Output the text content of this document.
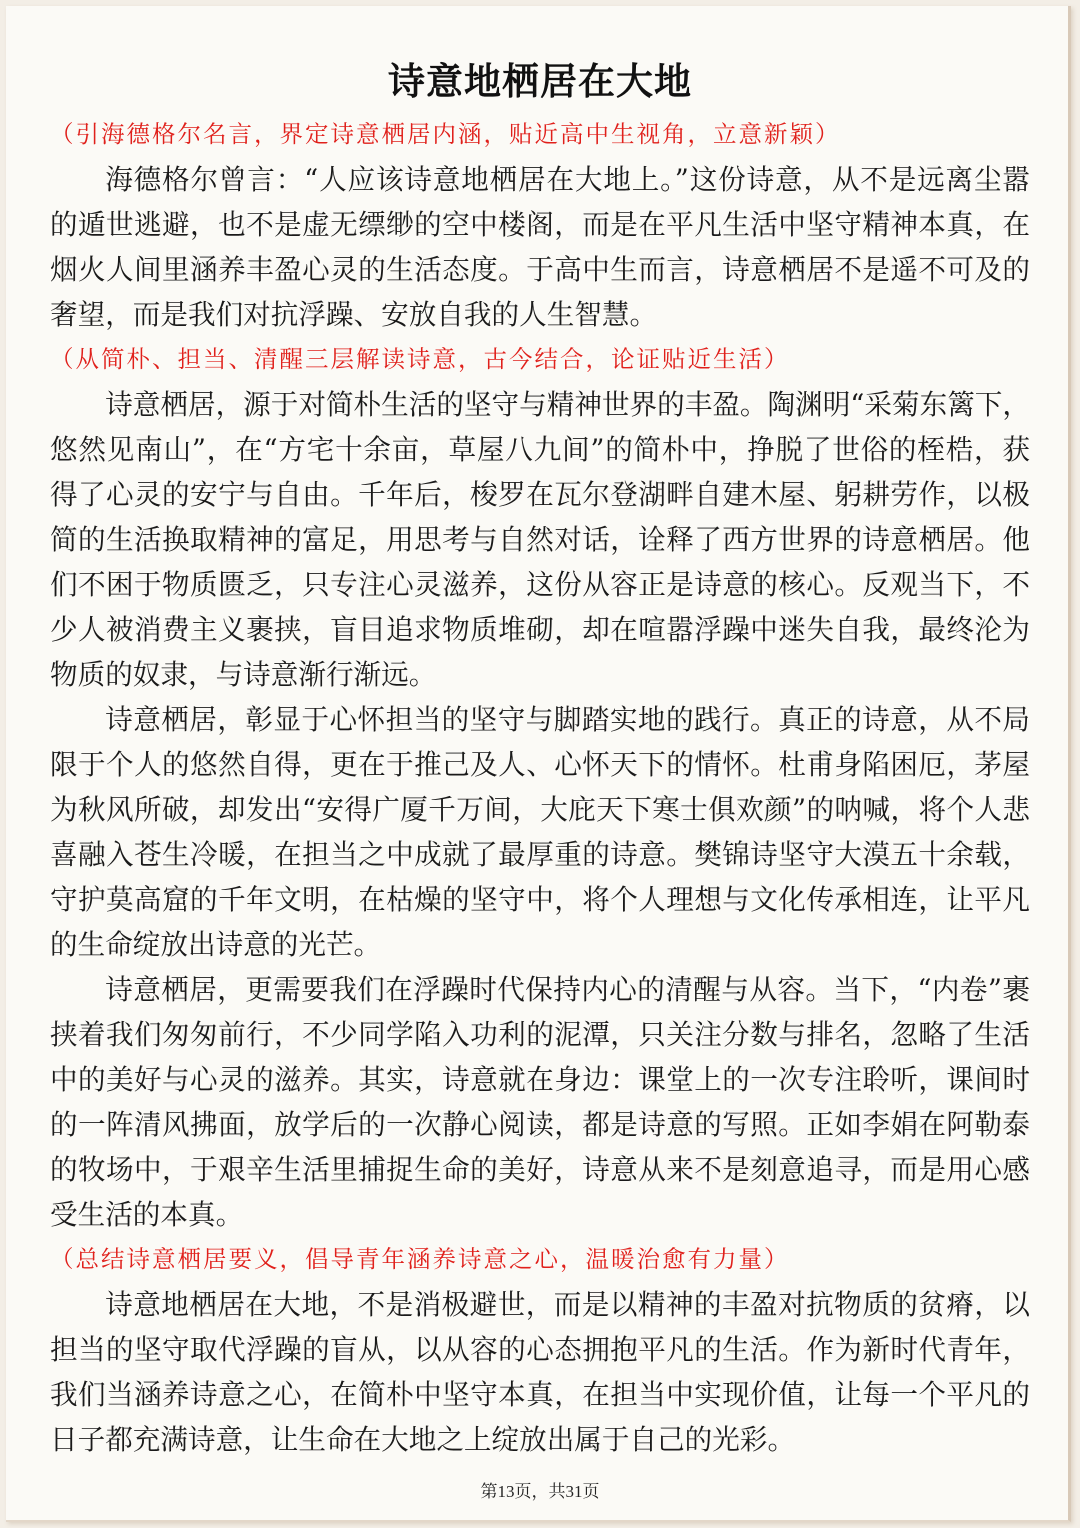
诗意地栖居在大地

（引海德格尔名言，界定诗意栖居内涵，贴近高中生视角，立意新颖）

海德格尔曾言：“人应该诗意地栖居在大地上。”这份诗意，从不是远离尘嚣的遁世逃避，也不是虚无缥缈的空中楼阁，而是在平凡生活中坚守精神本真，在烟火人间里涵养丰盈心灵的生活态度。于高中生而言，诗意栖居不是遥不可及的奢望，而是我们对抗浮躁、安放自我的人生智慧。

（从简朴、担当、清醒三层解读诗意，古今结合，论证贴近生活）

诗意栖居，源于对简朴生活的坚守与精神世界的丰盈。陶渊明“采菊东篱下，悠然见南山”，在“方宅十余亩，草屋八九间”的简朴中，挣脱了世俗的桎梏，获得了心灵的安宁与自由。千年后，梭罗在瓦尔登湖畔自建木屋、躬耕劳作，以极简的生活换取精神的富足，用思考与自然对话，诠释了西方世界的诗意栖居。他们不困于物质匮乏，只专注心灵滋养，这份从容正是诗意的核心。反观当下，不少人被消费主义裹挟，盲目追求物质堆砌，却在喧嚣浮躁中迷失自我，最终沦为物质的奴隶，与诗意渐行渐远。

诗意栖居，彰显于心怀担当的坚守与脚踏实地的践行。真正的诗意，从不局限于个人的悠然自得，更在于推己及人、心怀天下的情怀。杜甫身陷困厄，茅屋为秋风所破，却发出“安得广厦千万间，大庇天下寒士俱欢颜”的呐喊，将个人悲喜融入苍生冷暖，在担当之中成就了最厚重的诗意。樊锦诗坚守大漠五十余载，守护莫高窟的千年文明，在枯燥的坚守中，将个人理想与文化传承相连，让平凡的生命绽放出诗意的光芒。

诗意栖居，更需要我们在浮躁时代保持内心的清醒与从容。当下，“内卷”裹挟着我们匆匆前行，不少同学陷入功利的泥潭，只关注分数与排名，忽略了生活中的美好与心灵的滋养。其实，诗意就在身边：课堂上的一次专注聆听，课间时的一阵清风拂面，放学后的一次静心阅读，都是诗意的写照。正如李娟在阿勒泰的牧场中，于艰辛生活里捕捉生命的美好，诗意从来不是刻意追寻，而是用心感受生活的本真。

（总结诗意栖居要义，倡导青年涵养诗意之心，温暖治愈有力量）

诗意地栖居在大地，不是消极避世，而是以精神的丰盈对抗物质的贫瘠，以担当的坚守取代浮躁的盲从，以从容的心态拥抱平凡的生活。作为新时代青年，我们当涵养诗意之心，在简朴中坚守本真，在担当中实现价值，让每一个平凡的日子都充满诗意，让生命在大地之上绽放出属于自己的光彩。

第13页，共31页
